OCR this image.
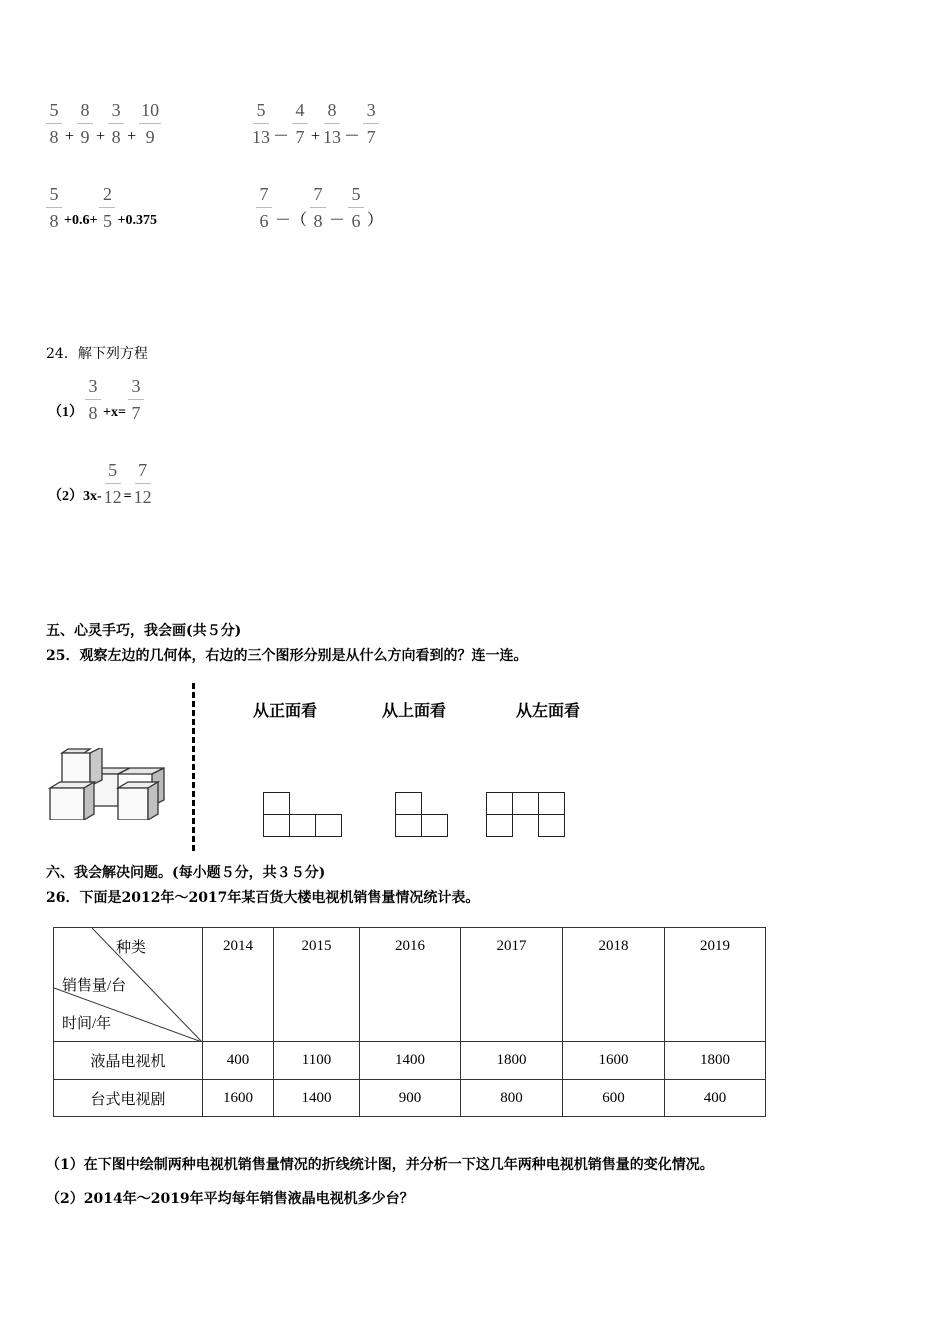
$\frac{5}{8} + \frac{8}{9} + \frac{3}{8} + \frac{10}{9}$	$\frac{5}{13} - \frac{4}{7} + \frac{8}{13} - \frac{3}{7}$
$\frac{5}{8} +0.6+ \frac{2}{5} +0.375$	$\frac{7}{6}$ －（ $\frac{7}{8} - \frac{5}{6}$ ）
24．解下列方程
$(1) \frac{3}{8} +x= \frac{3}{7}$
$(2)3x- \frac{5}{12} = \frac{7}{12}$
五、心灵手巧，我会画(共５分)
25．观察左边的几何体，右边的三个图形分别是从什么方向看到的？连一连。
从正面看	从上面看	从左面看

六、我会解决问题。(每小题５分，共３５分)
26．下面是2012年～2017年某百货大楼电视机销售量情况统计表。
种类
销售量/台
时间/年	2014	2015	2016	2017	2018	2019
液晶电视机	400	1100	1400	1800	1600	1800
台式电视剧	1600	1400	900	800	600	400
（1）在下图中绘制两种电视机销售量情况的折线统计图，并分析一下这几年两种电视机销售量的变化情况。
（2）2014年～2019年平均每年销售液晶电视机多少台？
